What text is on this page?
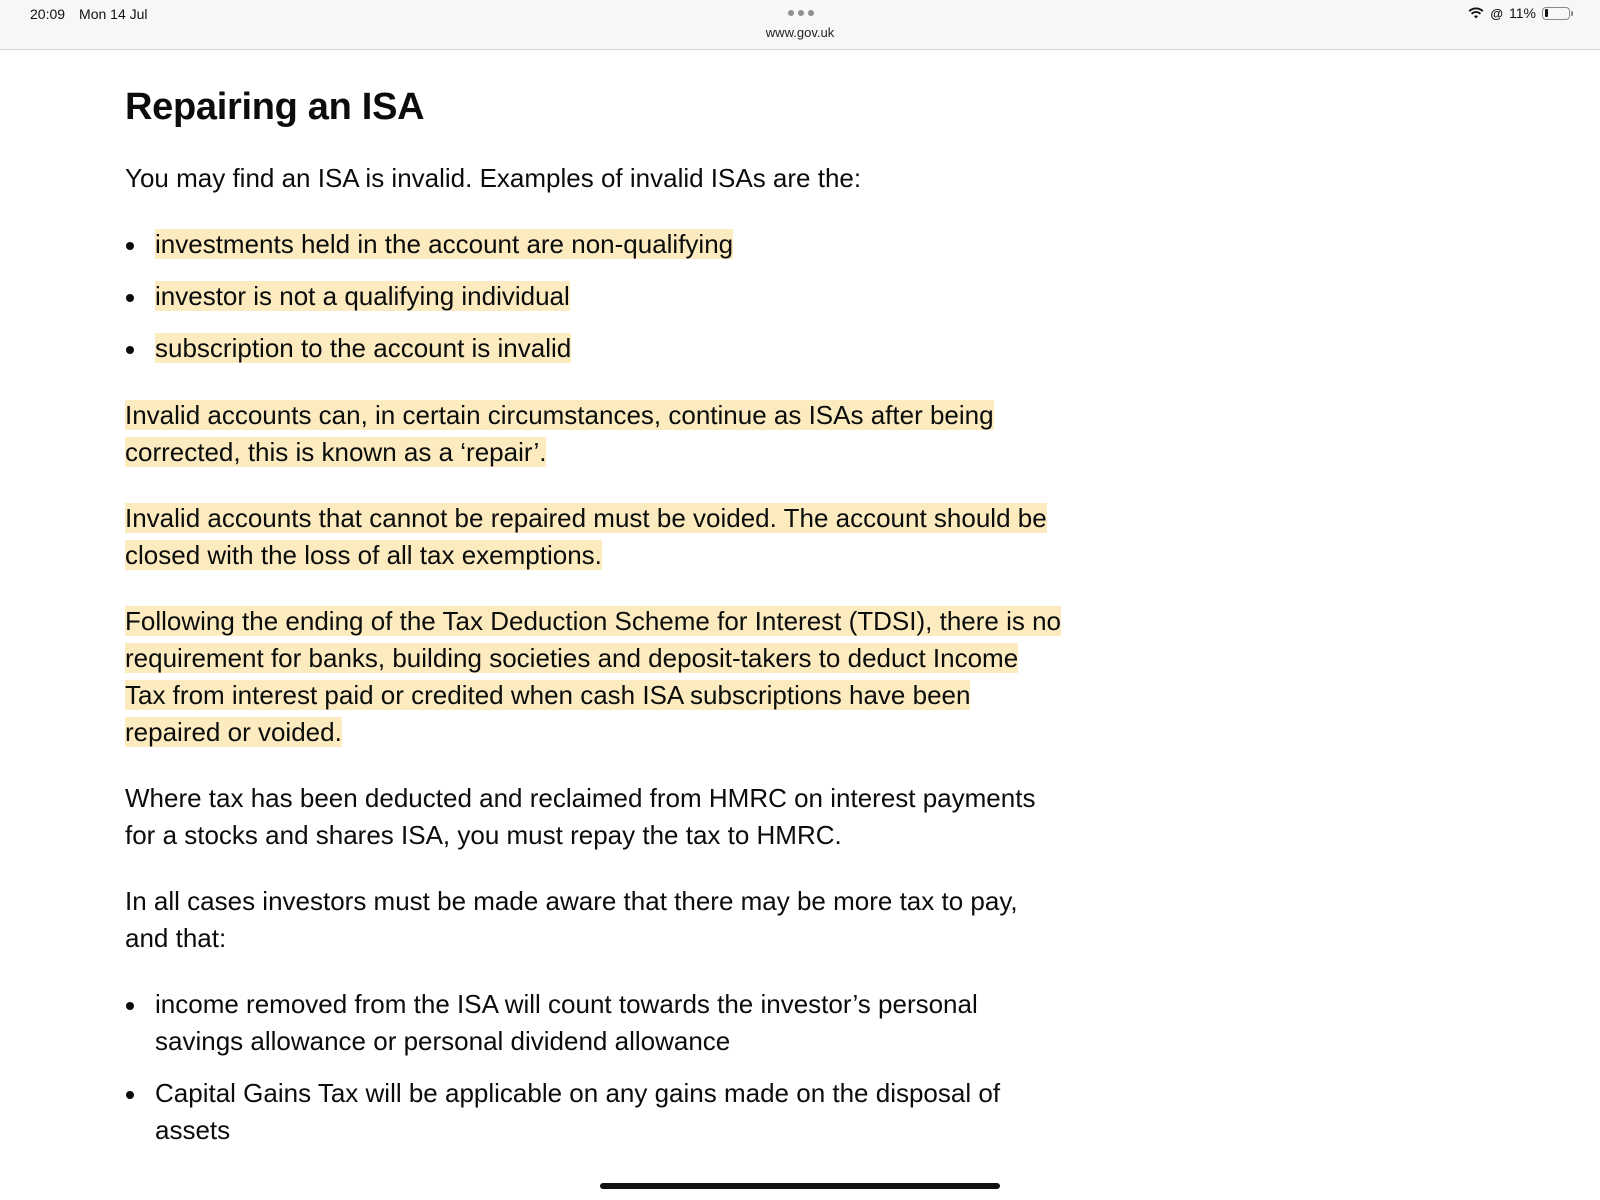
20:09 Mon 14 Jul
www.gov.uk
@ 11%
Repairing an ISA

You may find an ISA is invalid. Examples of invalid ISAs are the:

investments held in the account are non-qualifying
investor is not a qualifying individual
subscription to the account is invalid

Invalid accounts can, in certain circumstances, continue as ISAs after being corrected, this is known as a ‘repair’.

Invalid accounts that cannot be repaired must be voided. The account should be closed with the loss of all tax exemptions.

Following the ending of the Tax Deduction Scheme for Interest (TDSI), there is no requirement for banks, building societies and deposit-takers to deduct Income Tax from interest paid or credited when cash ISA subscriptions have been repaired or voided.

Where tax has been deducted and reclaimed from HMRC on interest payments for a stocks and shares ISA, you must repay the tax to HMRC.

In all cases investors must be made aware that there may be more tax to pay, and that:

income removed from the ISA will count towards the investor’s personal savings allowance or personal dividend allowance
Capital Gains Tax will be applicable on any gains made on the disposal of assets
